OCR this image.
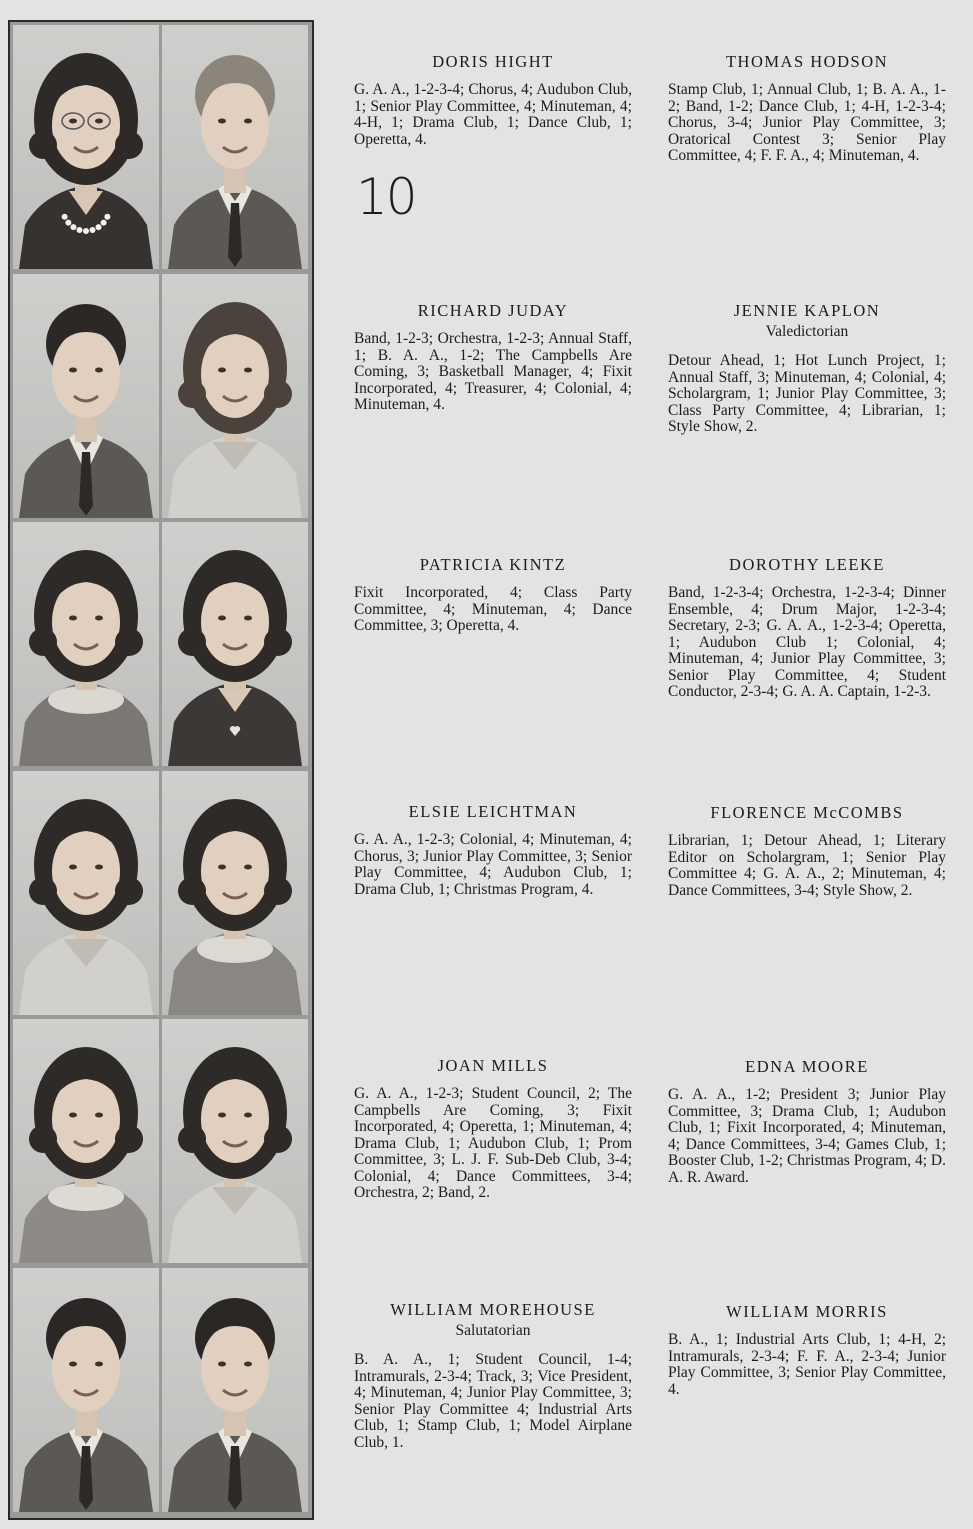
10
DORIS HIGHT

G. A. A., 1-2-3-4; Chorus, 4; Audubon Club, 1; Senior Play Committee, 4; Minuteman, 4; 4-H, 1; Drama Club, 1; Dance Club, 1; Operetta, 4.

THOMAS HODSON

Stamp Club, 1; Annual Club, 1; B. A. A., 1-2; Band, 1-2; Dance Club, 1; 4-H, 1-2-3-4; Chorus, 3-4; Junior Play Committee, 3; Oratorical Contest 3; Senior Play Committee, 4; F. F. A., 4; Minuteman, 4.

RICHARD JUDAY

Band, 1-2-3; Orchestra, 1-2-3; Annual Staff, 1; B. A. A., 1-2; The Campbells Are Coming, 3; Basketball Manager, 4; Fixit Incorporated, 4; Treasurer, 4; Colonial, 4; Minuteman, 4.

JENNIE KAPLON

Valedictorian

Detour Ahead, 1; Hot Lunch Project, 1; Annual Staff, 3; Minuteman, 4; Colonial, 4; Scholargram, 1; Junior Play Committee, 3; Class Party Committee, 4; Librarian, 1; Style Show, 2.

PATRICIA KINTZ

Fixit Incorporated, 4; Class Party Committee, 4; Minuteman, 4; Dance Committee, 3; Operetta, 4.

DOROTHY LEEKE

Band, 1-2-3-4; Orchestra, 1-2-3-4; Dinner Ensemble, 4; Drum Major, 1-2-3-4; Secretary, 2-3; G. A. A., 1-2-3-4; Operetta, 1; Audubon Club 1; Colonial, 4; Minuteman, 4; Junior Play Committee, 3; Senior Play Committee, 4; Student Conductor, 2-3-4; G. A. A. Captain, 1-2-3.

ELSIE LEICHTMAN

G. A. A., 1-2-3; Colonial, 4; Minuteman, 4; Chorus, 3; Junior Play Committee, 3; Senior Play Committee, 4; Audubon Club, 1; Drama Club, 1; Christmas Program, 4.

FLORENCE McCOMBS

Librarian, 1; Detour Ahead, 1; Literary Editor on Scholargram, 1; Senior Play Committee 4; G. A. A., 2; Minuteman, 4; Dance Committees, 3-4; Style Show, 2.

JOAN MILLS

G. A. A., 1-2-3; Student Council, 2; The Campbells Are Coming, 3; Fixit Incorporated, 4; Operetta, 1; Minuteman, 4; Drama Club, 1; Audubon Club, 1; Prom Committee, 3; L. J. F. Sub-Deb Club, 3-4; Colonial, 4; Dance Committees, 3-4; Orchestra, 2; Band, 2.

EDNA MOORE

G. A. A., 1-2; President 3; Junior Play Committee, 3; Drama Club, 1; Audubon Club, 1; Fixit Incorporated, 4; Minuteman, 4; Dance Committees, 3-4; Games Club, 1; Booster Club, 1-2; Christmas Program, 4; D. A. R. Award.

WILLIAM MOREHOUSE

Salutatorian

B. A. A., 1; Student Council, 1-4; Intramurals, 2-3-4; Track, 3; Vice President, 4; Minuteman, 4; Junior Play Committee, 3; Senior Play Committee 4; Industrial Arts Club, 1; Stamp Club, 1; Model Airplane Club, 1.

WILLIAM MORRIS

B. A., 1; Industrial Arts Club, 1; 4-H, 2; Intramurals, 2-3-4; F. F. A., 2-3-4; Junior Play Committee, 3; Senior Play Committee, 4.
